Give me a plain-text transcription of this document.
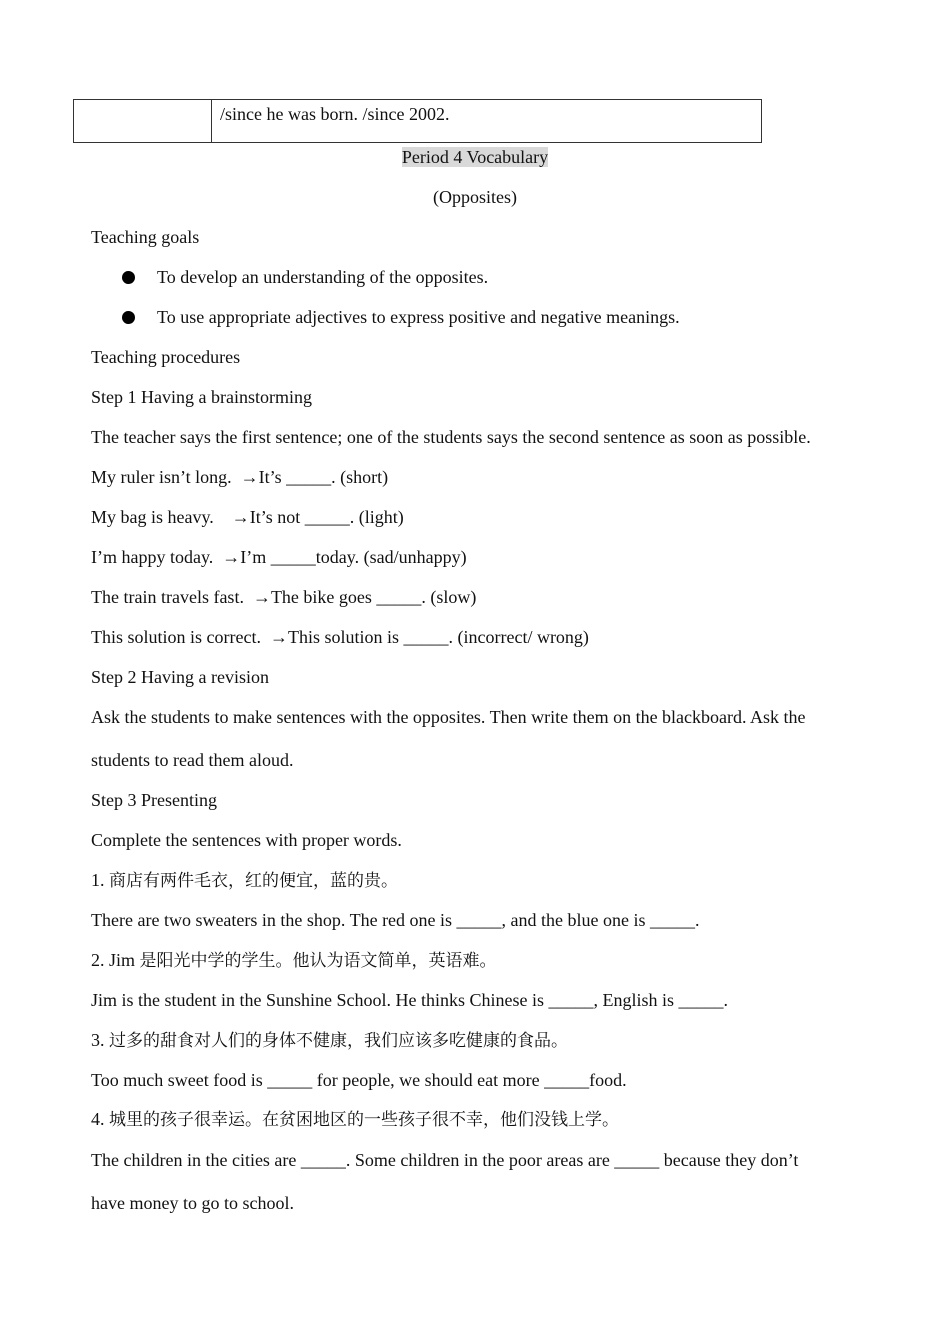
	/since he was born. /since 2002.
Period 4 Vocabulary
(Opposites)
Teaching goals
To develop an understanding of the opposites.
To use appropriate adjectives to express positive and negative meanings.
Teaching procedures
Step 1 Having a brainstorming
The teacher says the first sentence; one of the students says the second sentence as soon as possible.
My ruler isn’t long.  →It’s _____. (short)
My bag is heavy.    →It’s not _____. (light)
I’m happy today.  →I’m _____today. (sad/unhappy)
The train travels fast.  →The bike goes _____. (slow)
This solution is correct.  →This solution is _____. (incorrect/ wrong)
Step 2 Having a revision
Ask the students to make sentences with the opposites. Then write them on the blackboard. Ask the
students to read them aloud.
Step 3 Presenting
Complete the sentences with proper words.
1. 商店有两件毛衣，红的便宜，蓝的贵。
There are two sweaters in the shop. The red one is _____, and the blue one is _____.
2. Jim 是阳光中学的学生。他认为语文简单，英语难。
Jim is the student in the Sunshine School. He thinks Chinese is _____, English is _____.
3. 过多的甜食对人们的身体不健康，我们应该多吃健康的食品。
Too much sweet food is _____ for people, we should eat more _____food.
4. 城里的孩子很幸运。在贫困地区的一些孩子很不幸，他们没钱上学。
The children in the cities are _____. Some children in the poor areas are _____ because they don’t
have money to go to school.
